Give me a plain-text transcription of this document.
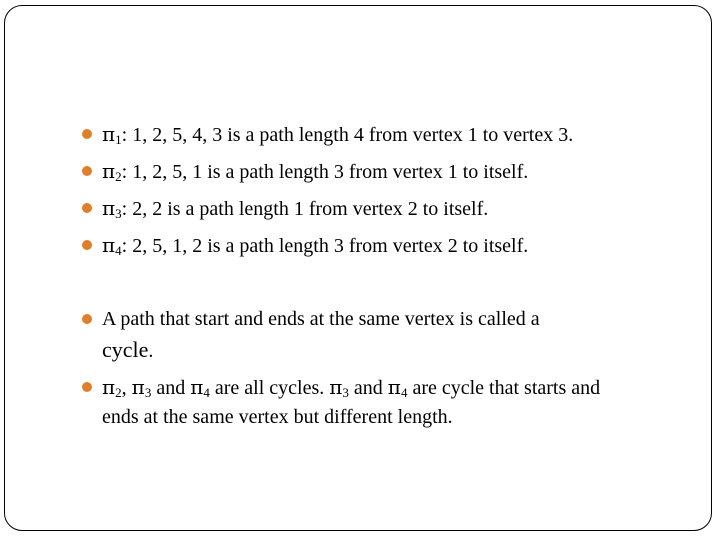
$\pi_1$: 1, 2, 5, 4, 3 is a path length 4 from vertex 1 to vertex 3.
$\pi_2$: 1, 2, 5, 1 is a path length 3 from vertex 1 to itself.
$\pi_3$: 2, 2 is a path length 1 from vertex 2 to itself.
$\pi_4$: 2, 5, 1, 2 is a path length 3 from vertex 2 to itself.
A path that start and ends at the same vertex is called a
cycle.
$\pi_2$, $\pi_3$ and $\pi_4$ are all cycles. $\pi_3$ and $\pi_4$ are cycle that starts and
ends at the same vertex but different length.
